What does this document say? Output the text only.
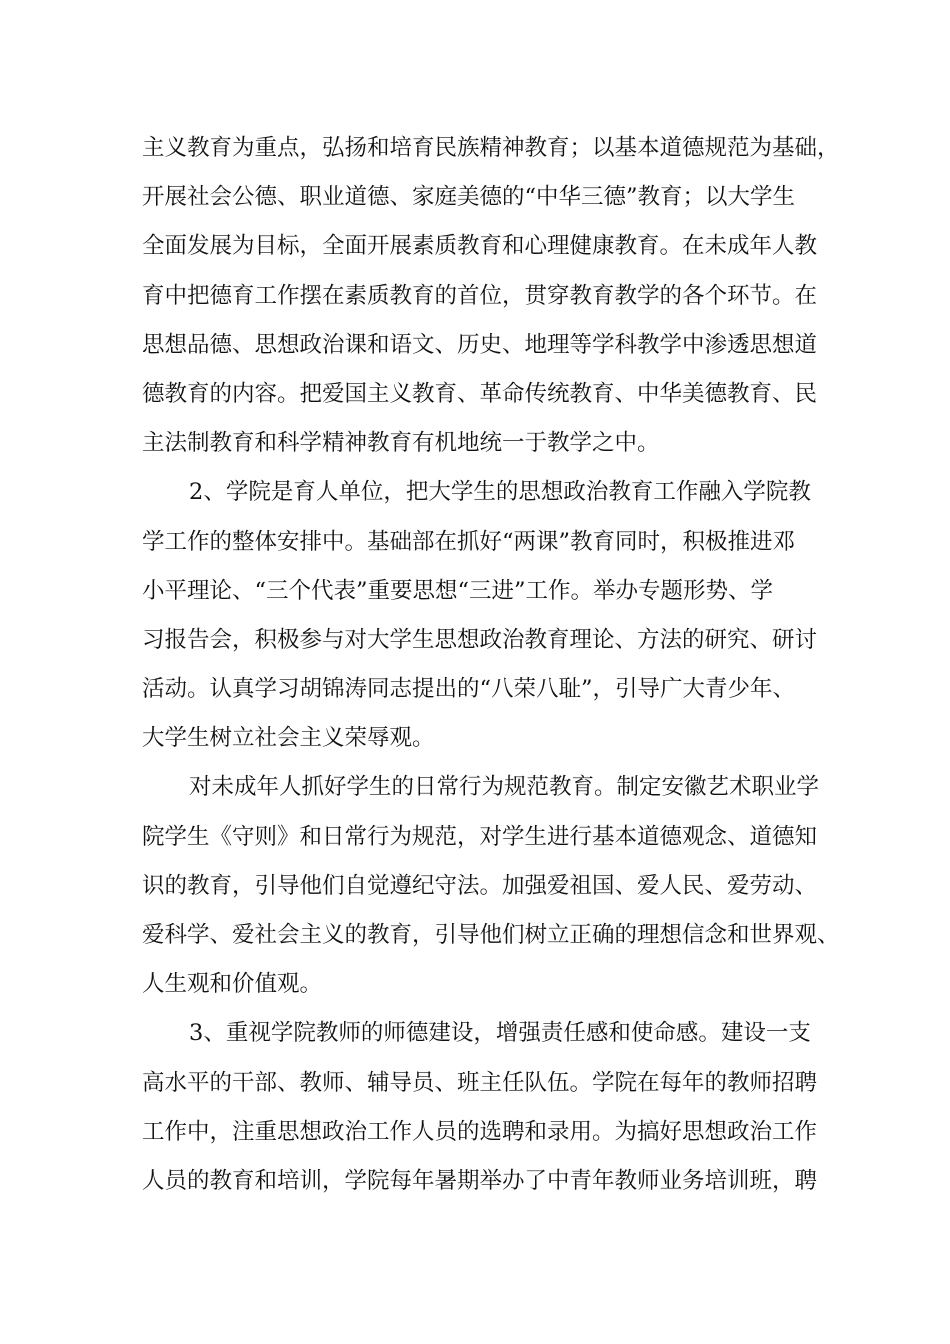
主义教育为重点，弘扬和培育民族精神教育；以基本道德规范为基础，
开展社会公德、职业道德、家庭美德的“中华三德”教育；以大学生
全面发展为目标，全面开展素质教育和心理健康教育。在未成年人教
育中把德育工作摆在素质教育的首位，贯穿教育教学的各个环节。在
思想品德、思想政治课和语文、历史、地理等学科教学中渗透思想道
德教育的内容。把爱国主义教育、革命传统教育、中华美德教育、民
主法制教育和科学精神教育有机地统一于教学之中。
2、学院是育人单位，把大学生的思想政治教育工作融入学院教
学工作的整体安排中。基础部在抓好“两课”教育同时，积极推进邓
小平理论、“三个代表”重要思想“三进”工作。举办专题形势、学
习报告会，积极参与对大学生思想政治教育理论、方法的研究、研讨
活动。认真学习胡锦涛同志提出的“八荣八耻”，引导广大青少年、
大学生树立社会主义荣辱观。
对未成年人抓好学生的日常行为规范教育。制定安徽艺术职业学
院学生《守则》和日常行为规范，对学生进行基本道德观念、道德知
识的教育，引导他们自觉遵纪守法。加强爱祖国、爱人民、爱劳动、
爱科学、爱社会主义的教育，引导他们树立正确的理想信念和世界观、
人生观和价值观。
3、重视学院教师的师德建设，增强责任感和使命感。建设一支
高水平的干部、教师、辅导员、班主任队伍。学院在每年的教师招聘
工作中，注重思想政治工作人员的选聘和录用。为搞好思想政治工作
人员的教育和培训，学院每年暑期举办了中青年教师业务培训班，聘
